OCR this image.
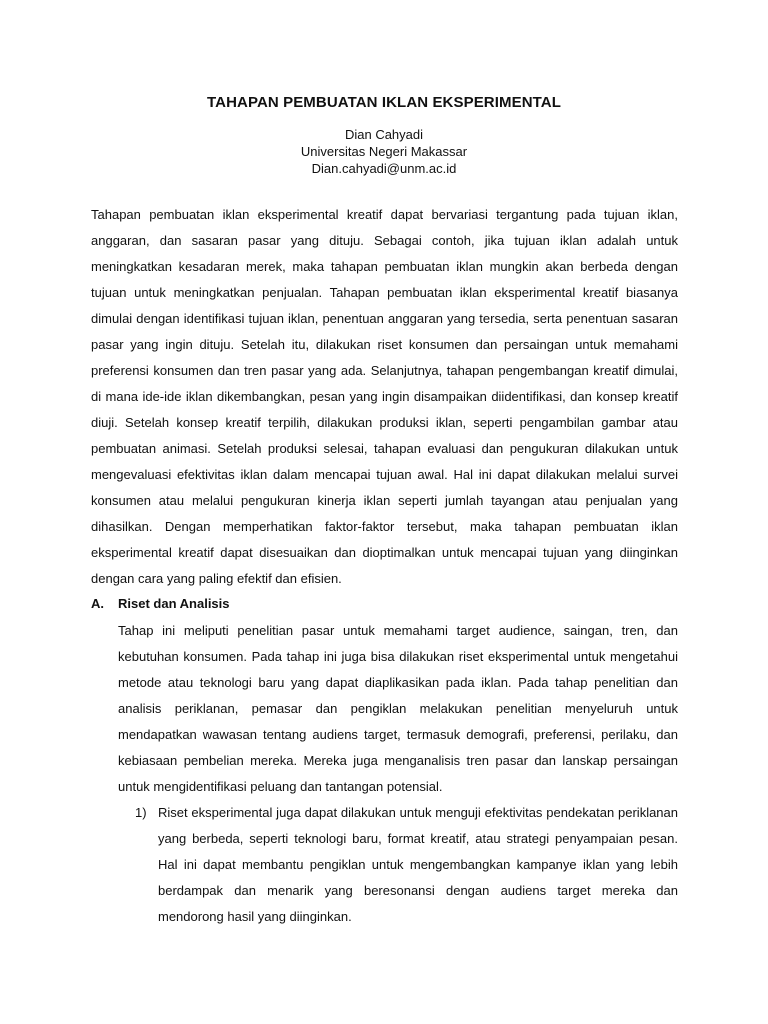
TAHAPAN PEMBUATAN IKLAN EKSPERIMENTAL
Dian Cahyadi
Universitas Negeri Makassar
Dian.cahyadi@unm.ac.id

Tahapan pembuatan iklan eksperimental kreatif dapat bervariasi tergantung pada tujuan iklan, anggaran, dan sasaran pasar yang dituju. Sebagai contoh, jika tujuan iklan adalah untuk meningkatkan kesadaran merek, maka tahapan pembuatan iklan mungkin akan berbeda dengan tujuan untuk meningkatkan penjualan. Tahapan pembuatan iklan eksperimental kreatif biasanya dimulai dengan identifikasi tujuan iklan, penentuan anggaran yang tersedia, serta penentuan sasaran pasar yang ingin dituju. Setelah itu, dilakukan riset konsumen dan persaingan untuk memahami preferensi konsumen dan tren pasar yang ada. Selanjutnya, tahapan pengembangan kreatif dimulai, di mana ide-ide iklan dikembangkan, pesan yang ingin disampaikan diidentifikasi, dan konsep kreatif diuji. Setelah konsep kreatif terpilih, dilakukan produksi iklan, seperti pengambilan gambar atau pembuatan animasi. Setelah produksi selesai, tahapan evaluasi dan pengukuran dilakukan untuk mengevaluasi efektivitas iklan dalam mencapai tujuan awal. Hal ini dapat dilakukan melalui survei konsumen atau melalui pengukuran kinerja iklan seperti jumlah tayangan atau penjualan yang dihasilkan. Dengan memperhatikan faktor-faktor tersebut, maka tahapan pembuatan iklan eksperimental kreatif dapat disesuaikan dan dioptimalkan untuk mencapai tujuan yang diinginkan dengan cara yang paling efektif dan efisien.

A. Riset dan Analisis

Tahap ini meliputi penelitian pasar untuk memahami target audience, saingan, tren, dan kebutuhan konsumen. Pada tahap ini juga bisa dilakukan riset eksperimental untuk mengetahui metode atau teknologi baru yang dapat diaplikasikan pada iklan. Pada tahap penelitian dan analisis periklanan, pemasar dan pengiklan melakukan penelitian menyeluruh untuk mendapatkan wawasan tentang audiens target, termasuk demografi, preferensi, perilaku, dan kebiasaan pembelian mereka. Mereka juga menganalisis tren pasar dan lanskap persaingan untuk mengidentifikasi peluang dan tantangan potensial.

1) Riset eksperimental juga dapat dilakukan untuk menguji efektivitas pendekatan periklanan yang berbeda, seperti teknologi baru, format kreatif, atau strategi penyampaian pesan. Hal ini dapat membantu pengiklan untuk mengembangkan kampanye iklan yang lebih berdampak dan menarik yang beresonansi dengan audiens target mereka dan mendorong hasil yang diinginkan.
